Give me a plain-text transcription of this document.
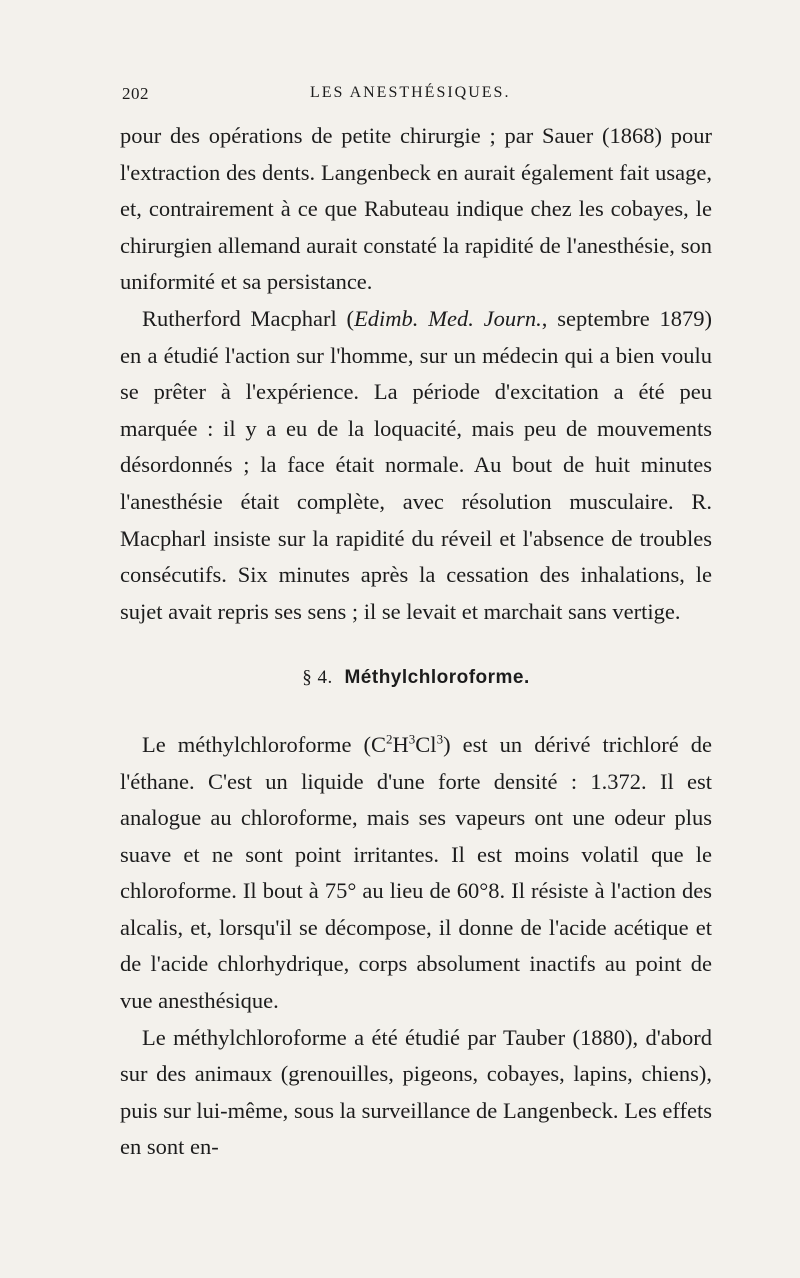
202	LES ANESTHÉSIQUES.

pour des opérations de petite chirurgie ; par Sauer (1868) pour l'extraction des dents. Langenbeck en aurait également fait usage, et, contrairement à ce que Rabuteau indique chez les cobayes, le chirurgien allemand aurait constaté la rapidité de l'anesthésie, son uniformité et sa persistance.

Rutherford Macpharl (Edimb. Med. Journ., septembre 1879) en a étudié l'action sur l'homme, sur un médecin qui a bien voulu se prêter à l'expérience. La période d'excitation a été peu marquée : il y a eu de la loquacité, mais peu de mouvements désordonnés ; la face était normale. Au bout de huit minutes l'anesthésie était complète, avec résolution musculaire. R. Macpharl insiste sur la rapidité du réveil et l'absence de troubles consécutifs. Six minutes après la cessation des inhalations, le sujet avait repris ses sens ; il se levait et marchait sans vertige.

§ 4. Méthylchloroforme.

Le méthylchloroforme $(C^2H^3Cl^3)$ est un dérivé trichloré de l'éthane. C'est un liquide d'une forte densité : 1.372. Il est analogue au chloroforme, mais ses vapeurs ont une odeur plus suave et ne sont point irritantes. Il est moins volatil que le chloroforme. Il bout à 75° au lieu de 60°8. Il résiste à l'action des alcalis, et, lorsqu'il se décompose, il donne de l'acide acétique et de l'acide chlorhydrique, corps absolument inactifs au point de vue anesthésique.

Le méthylchloroforme a été étudié par Tauber (1880), d'abord sur des animaux (grenouilles, pigeons, cobayes, lapins, chiens), puis sur lui-même, sous la surveillance de Langenbeck. Les effets en sont en-
